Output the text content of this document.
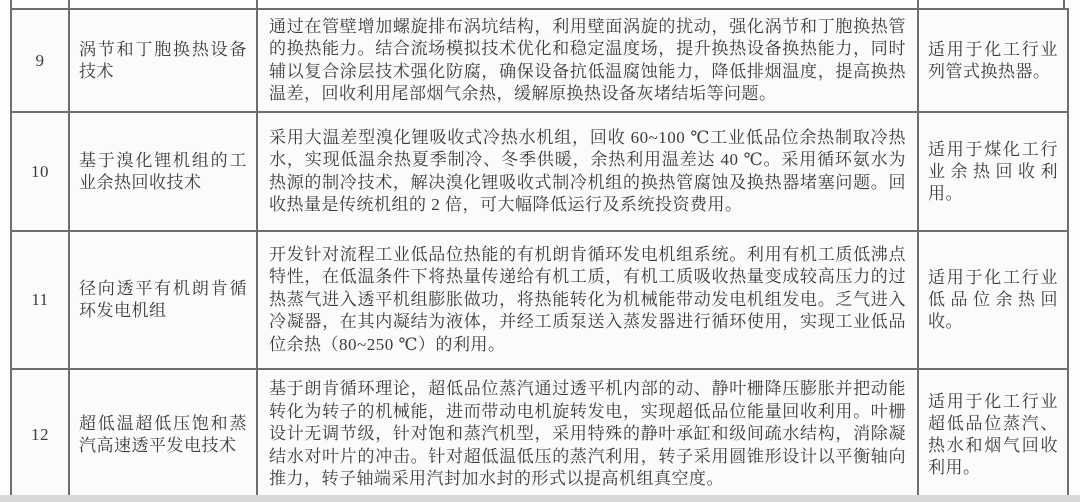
9
涡节和丁胞换热设备技术
通过在管壁增加螺旋排布涡坑结构，利用壁面涡旋的扰动，强化涡节和丁胞换热管的换热能力。结合流场模拟技术优化和稳定温度场，提升换热设备换热能力，同时辅以复合涂层技术强化防腐，确保设备抗低温腐蚀能力，降低排烟温度，提高换热温差，回收利用尾部烟气余热，缓解原换热设备灰堵结垢等问题。
适用于化工行业列管式换热器。
10
基于溴化锂机组的工业余热回收技术
采用大温差型溴化锂吸收式冷热水机组，回收 60~100 ℃工业低品位余热制取冷热水，实现低温余热夏季制冷、冬季供暖，余热利用温差达 40 ℃。采用循环氨水为热源的制冷技术，解决溴化锂吸收式制冷机组的换热管腐蚀及换热器堵塞问题。回收热量是传统机组的 2 倍，可大幅降低运行及系统投资费用。
适用于煤化工行业余热回收利用。
11
径向透平有机朗肯循环发电机组
开发针对流程工业低品位热能的有机朗肯循环发电机组系统。利用有机工质低沸点特性，在低温条件下将热量传递给有机工质，有机工质吸收热量变成较高压力的过热蒸气进入透平机组膨胀做功，将热能转化为机械能带动发电机组发电。乏气进入冷凝器，在其内凝结为液体，并经工质泵送入蒸发器进行循环使用，实现工业低品位余热（80~250 ℃）的利用。
适用于化工行业低品位余热回收。
12
超低温超低压饱和蒸汽高速透平发电技术
基于朗肯循环理论，超低品位蒸汽通过透平机内部的动、静叶栅降压膨胀并把动能转化为转子的机械能，进而带动电机旋转发电，实现超低品位能量回收利用。叶栅设计无调节级，针对饱和蒸汽机型，采用特殊的静叶承缸和级间疏水结构，消除凝结水对叶片的冲击。针对超低温低压的蒸汽利用，转子采用圆锥形设计以平衡轴向推力，转子轴端采用汽封加水封的形式以提高机组真空度。
适用于化工行业超低品位蒸汽、热水和烟气回收利用。
